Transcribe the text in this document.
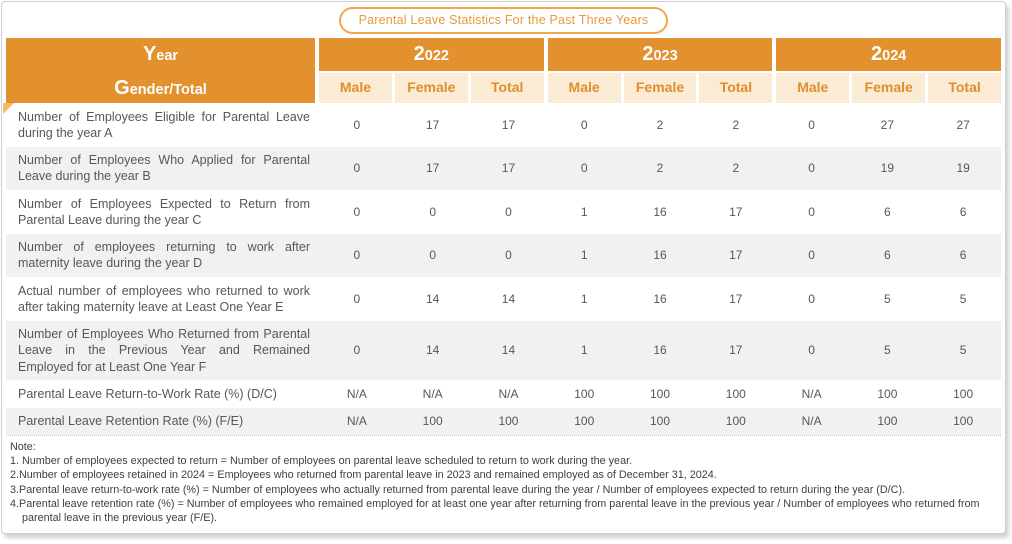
Parental Leave Statistics For the Past Three Years
Year
Gender/Total
2022	2023	2024
Male	Female	Total	Male	Female	Total	Male	Female	Total
Number of Employees Eligible for Parental Leave during the year A
0	17	17	0	2	2	0	27	27
Number of Employees Who Applied for Parental Leave during the year B
0	17	17	0	2	2	0	19	19
Number of Employees Expected to Return from Parental Leave during the year C
0	0	0	1	16	17	0	6	6
Number of employees returning to work after maternity leave during the year D
0	0	0	1	16	17	0	6	6
Actual number of employees who returned to work after taking maternity leave at Least One Year E
0	14	14	1	16	17	0	5	5
Number of Employees Who Returned from Parental Leave in the Previous Year and Remained Employed for at Least One Year F
0	14	14	1	16	17	0	5	5
Parental Leave Return-to-Work Rate (%) (D/C)	N/A	N/A	N/A	100	100	100	N/A	100	100
Parental Leave Retention Rate (%) (F/E)	N/A	100	100	100	100	100	N/A	100	100
Note:
1. Number of employees expected to return = Number of employees on parental leave scheduled to return to work during the year.
2.Number of employees retained in 2024 = Employees who returned from parental leave in 2023 and remained employed as of December 31, 2024.
3.Parental leave return-to-work rate (%) = Number of employees who actually returned from parental leave during the year / Number of employees expected to return during the year (D/C).
4.Parental leave retention rate (%) = Number of employees who remained employed for at least one year after returning from parental leave in the previous year / Number of employees who returned from parental leave in the previous year (F/E).
